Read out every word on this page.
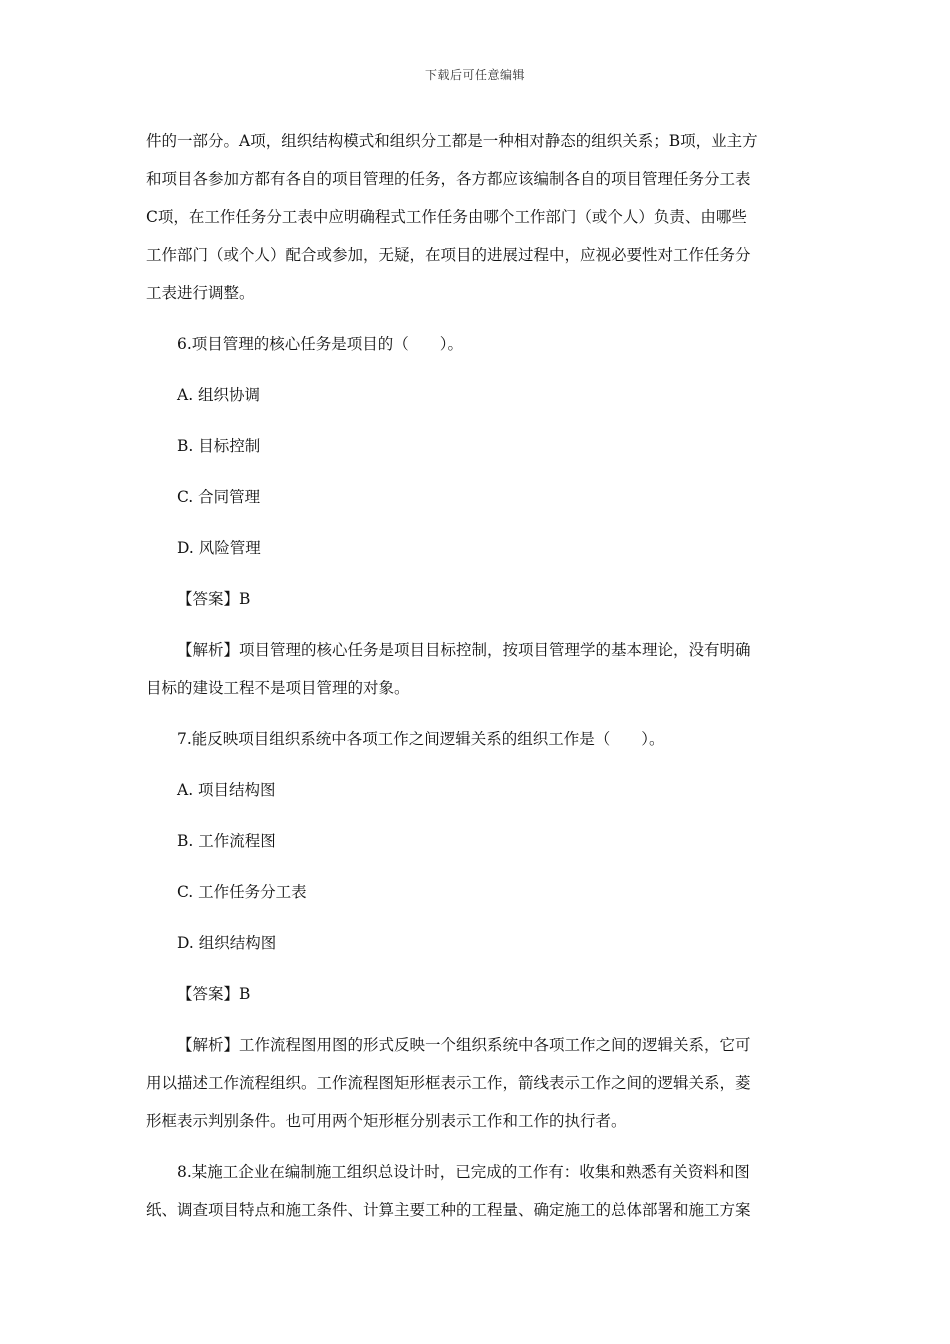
下载后可任意编辑
件的一部分。A项，组织结构模式和组织分工都是一种相对静态的组织关系；B项，业主方
和项目各参加方都有各自的项目管理的任务，各方都应该编制各自的项目管理任务分工表
C项，在工作任务分工表中应明确程式工作任务由哪个工作部门（或个人）负责、由哪些
工作部门（或个人）配合或参加，无疑，在项目的进展过程中，应视必要性对工作任务分
工表进行调整。
6.项目管理的核心任务是项目的（　　）。
A. 组织协调
B. 目标控制
C. 合同管理
D. 风险管理
【答案】B
【解析】项目管理的核心任务是项目目标控制，按项目管理学的基本理论，没有明确
目标的建设工程不是项目管理的对象。
7.能反映项目组织系统中各项工作之间逻辑关系的组织工作是（　　）。
A. 项目结构图
B. 工作流程图
C. 工作任务分工表
D. 组织结构图
【答案】B
【解析】工作流程图用图的形式反映一个组织系统中各项工作之间的逻辑关系，它可
用以描述工作流程组织。工作流程图矩形框表示工作，箭线表示工作之间的逻辑关系，菱
形框表示判别条件。也可用两个矩形框分别表示工作和工作的执行者。
8.某施工企业在编制施工组织总设计时，已完成的工作有：收集和熟悉有关资料和图
纸、调查项目特点和施工条件、计算主要工种的工程量、确定施工的总体部署和施工方案
